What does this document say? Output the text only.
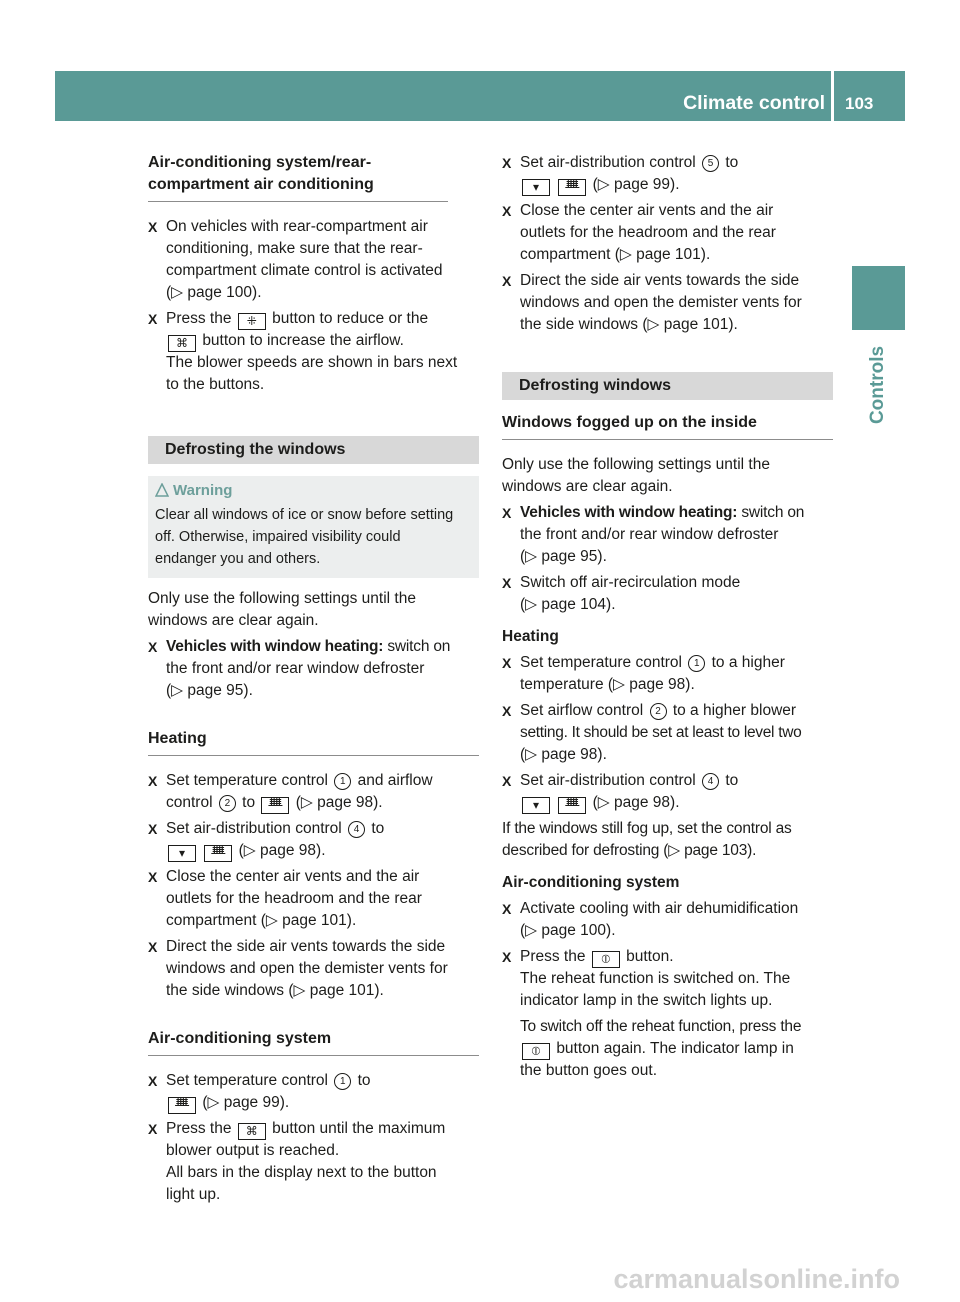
Climate control 103
Controls
Air-conditioning system/rear-compartment air conditioning
X On vehicles with rear-compartment air
conditioning, make sure that the rear-
compartment climate control is activated
(▷ page 100).
X Press the ⁜ button to reduce or the
⌘ button to increase the airflow.
The blower speeds are shown in bars next
to the buttons.
Defrosting the windows
Warning
Clear all windows of ice or snow before setting
off. Otherwise, impaired visibility could
endanger you and others.

Only use the following settings until the
windows are clear again.

X Vehicles with window heating: switch on
the front and/or rear window defroster
(▷ page 95).
Heating
X Set temperature control 1 and airflow
control 2 to ᚙ (▷ page 98).
X Set air-distribution control 4 to
▾ ᚙ (▷ page 98).
X Close the center air vents and the air
outlets for the headroom and the rear
compartment (▷ page 101).
X Direct the side air vents towards the side
windows and open the demister vents for
the side windows (▷ page 101).
Air-conditioning system
X Set temperature control 1 to
ᚙ (▷ page 99).
X Press the ⌘ button until the maximum
blower output is reached.
All bars in the display next to the button
light up.
X Set air-distribution control 5 to
▾ ᚙ (▷ page 99).
X Close the center air vents and the air
outlets for the headroom and the rear
compartment (▷ page 101).
X Direct the side air vents towards the side
windows and open the demister vents for
the side windows (▷ page 101).
Defrosting windows
Windows fogged up on the inside

Only use the following settings until the
windows are clear again.

X Vehicles with window heating: switch on
the front and/or rear window defroster
(▷ page 95).
X Switch off air-recirculation mode
(▷ page 104).
Heating
X Set temperature control 1 to a higher
temperature (▷ page 98).
X Set airflow control 2 to a higher blower
setting. It should be set at least to level two
(▷ page 98).
X Set air-distribution control 4 to
▾ ᚙ (▷ page 98).

If the windows still fog up, set the control as
described for defrosting (▷ page 103).

Air-conditioning system
X Activate cooling with air dehumidification
(▷ page 100).
X Press the ⦶ button.
The reheat function is switched on. The
indicator lamp in the switch lights up.
To switch off the reheat function, press the
⦶ button again. The indicator lamp in
the button goes out.
carmanualsonline.info
